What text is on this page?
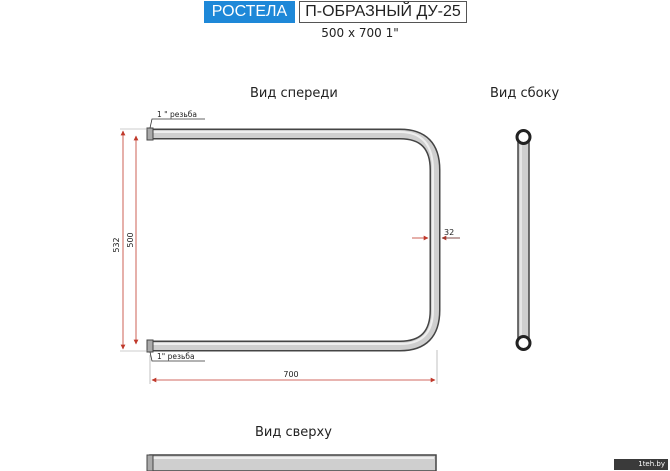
РОСТЕЛА	П-ОБРАЗНЫЙ ДУ-25
500 x 700 1"
Вид спереди	Вид сбоку
Вид сверху
1 " резьба
1" резьба
532 500	32
700
1teh.by
